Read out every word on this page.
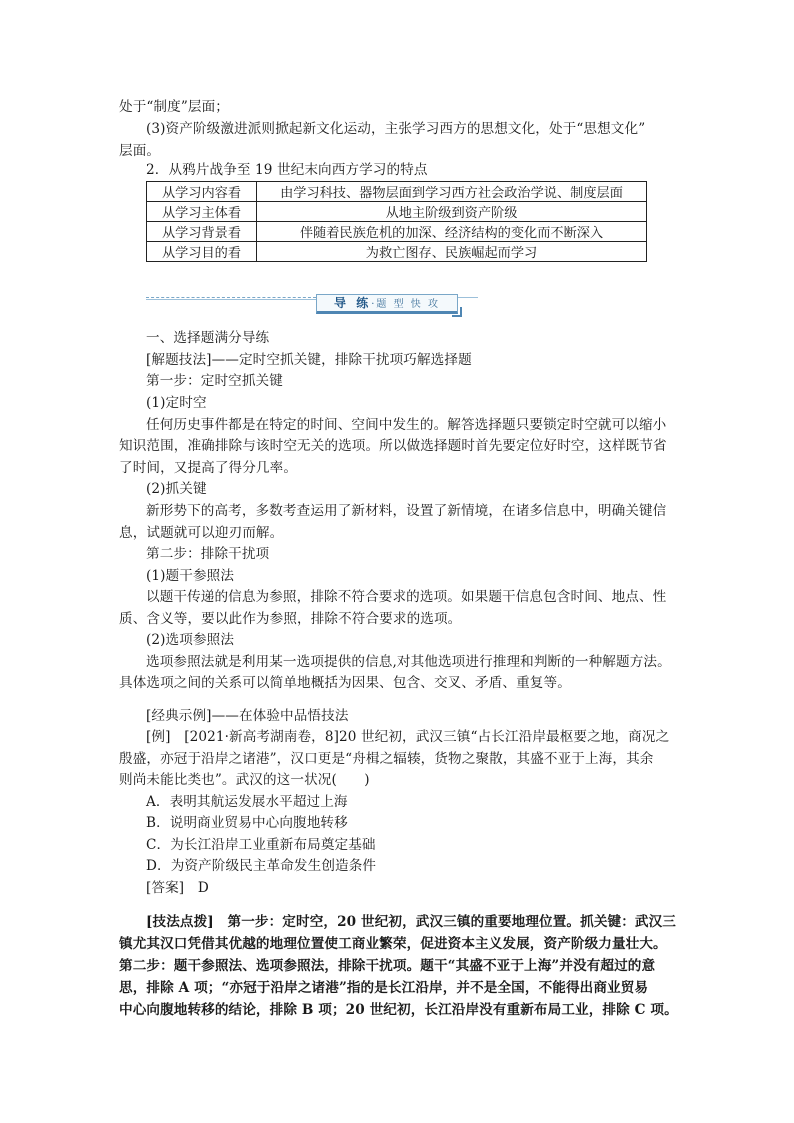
处于“制度”层面；
(3)资产阶级激进派则掀起新文化运动，主张学习西方的思想文化，处于“思想文化”
层面。
2．从鸦片战争至 19 世纪末向西方学习的特点
从学习内容看	由学习科技、器物层面到学习西方社会政治学说、制度层面
从学习主体看	从地主阶级到资产阶级
从学习背景看	伴随着民族危机的加深、经济结构的变化而不断深入
从学习目的看	为救亡图存、民族崛起而学习
导 练·题 型 快 攻
一、选择题满分导练
[解题技法]——定时空抓关键，排除干扰项巧解选择题
第一步：定时空抓关键
(1)定时空
任何历史事件都是在特定的时间、空间中发生的。解答选择题只要锁定时空就可以缩小
知识范围，准确排除与该时空无关的选项。所以做选择题时首先要定位好时空，这样既节省
了时间，又提高了得分几率。
(2)抓关键
新形势下的高考，多数考查运用了新材料，设置了新情境，在诸多信息中，明确关键信
息，试题就可以迎刃而解。
第二步：排除干扰项
(1)题干参照法
以题干传递的信息为参照，排除不符合要求的选项。如果题干信息包含时间、地点、性
质、含义等，要以此作为参照，排除不符合要求的选项。
(2)选项参照法
选项参照法就是利用某一选项提供的信息,对其他选项进行推理和判断的一种解题方法。
具体选项之间的关系可以简单地概括为因果、包含、交叉、矛盾、重复等。
[经典示例]——在体验中品悟技法
[例]　[2021·新高考湖南卷，8]20 世纪初，武汉三镇“占长江沿岸最枢要之地，商况之
殷盛，亦冠于沿岸之诸港”，汉口更是“舟楫之辐辏，货物之聚散，其盛不亚于上海，其余
则尚未能比类也”。武汉的这一状况(　　)
A．表明其航运发展水平超过上海
B．说明商业贸易中心向腹地转移
C．为长江沿岸工业重新布局奠定基础
D．为资产阶级民主革命发生创造条件
[答案]　D
[技法点拨]　第一步：定时空，20 世纪初，武汉三镇的重要地理位置。抓关键：武汉三
镇尤其汉口凭借其优越的地理位置使工商业繁荣，促进资本主义发展，资产阶级力量壮大。
第二步：题干参照法、选项参照法，排除干扰项。题干“其盛不亚于上海”并没有超过的意
思，排除 A 项；“亦冠于沿岸之诸港”指的是长江沿岸，并不是全国，不能得出商业贸易
中心向腹地转移的结论，排除 B 项；20 世纪初，长江沿岸没有重新布局工业，排除 C 项。
